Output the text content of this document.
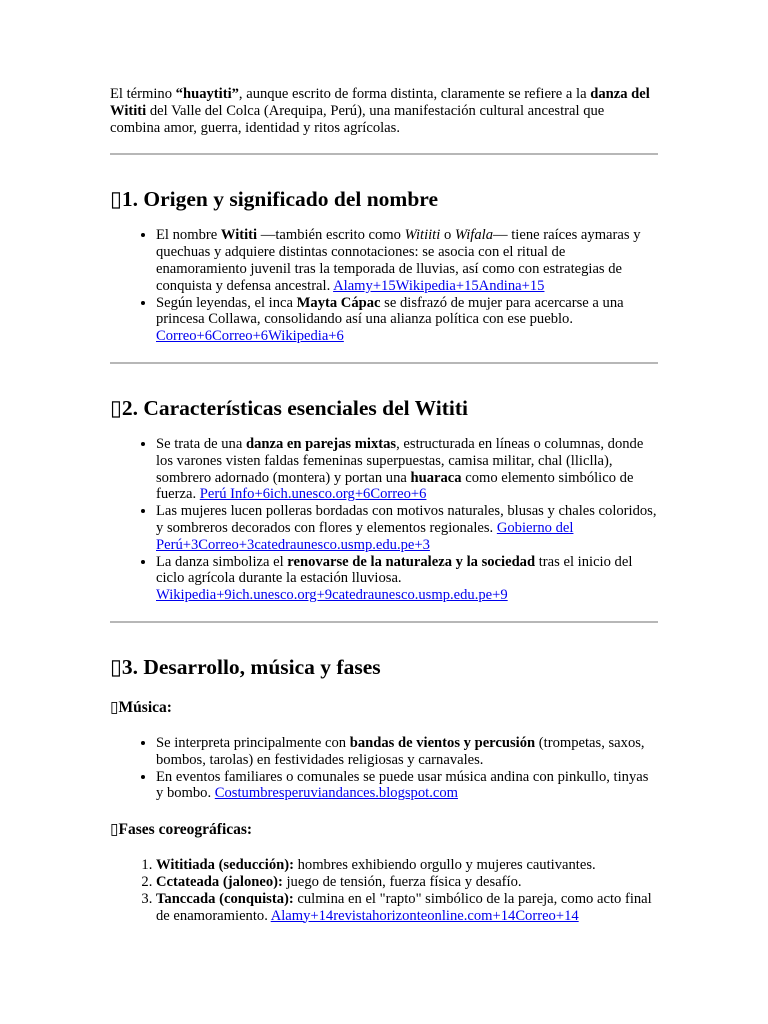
El término “huaytiti”, aunque escrito de forma distinta, claramente se refiere a la danza del Wititi del Valle del Colca (Arequipa, Perú), una manifestación cultural ancestral que combina amor, guerra, identidad y ritos agrícolas.

▯1. Origen y significado del nombre
• El nombre Wititi —también escrito como Witiiti o Wifala— tiene raíces aymaras y quechuas y adquiere distintas connotaciones: se asocia con el ritual de enamoramiento juvenil tras la temporada de lluvias, así como con estrategias de conquista y defensa ancestral. Alamy+15Wikipedia+15Andina+15
• Según leyendas, el inca Mayta Cápac se disfrazó de mujer para acercarse a una princesa Collawa, consolidando así una alianza política con ese pueblo.
Correo+6Correo+6Wikipedia+6
▯2. Características esenciales del Wititi
• Se trata de una danza en parejas mixtas, estructurada en líneas o columnas, donde los varones visten faldas femeninas superpuestas, camisa militar, chal (lliclla), sombrero adornado (montera) y portan una huaraca como elemento simbólico de fuerza. Perú Info+6ich.unesco.org+6Correo+6
• Las mujeres lucen polleras bordadas con motivos naturales, blusas y chales coloridos, y sombreros decorados con flores y elementos regionales. Gobierno del Perú+3Correo+3catedraunesco.usmp.edu.pe+3
• La danza simboliza el renovarse de la naturaleza y la sociedad tras el inicio del ciclo agrícola durante la estación lluviosa.
Wikipedia+9ich.unesco.org+9catedraunesco.usmp.edu.pe+9
▯3. Desarrollo, música y fases
▯Música:
• Se interpreta principalmente con bandas de vientos y percusión (trompetas, saxos, bombos, tarolas) en festividades religiosas y carnavales.
• En eventos familiares o comunales se puede usar música andina con pinkullo, tinyas y bombo. Costumbresperuviandances.blogspot.com
▯Fases coreográficas:
1. Wititiada (seducción): hombres exhibiendo orgullo y mujeres cautivantes.
2. Cctateada (jaloneo): juego de tensión, fuerza física y desafío.
3. Tanccada (conquista): culmina en el "rapto" simbólico de la pareja, como acto final de enamoramiento. Alamy+14revistahorizonteonline.com+14Correo+14
